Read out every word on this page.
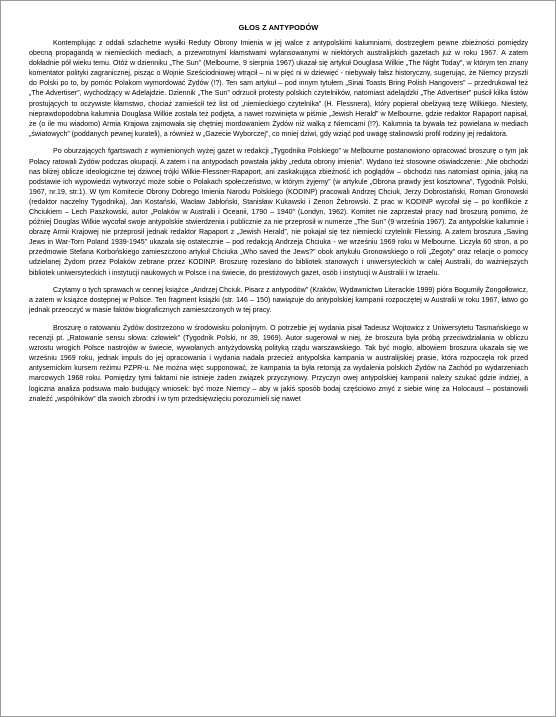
GŁOS Z ANTYPODÓW

Kontemplując z oddali szlachetne wysiłki Reduty Obrony Imienia w jej walce z antypolskimi kalumniami, dostrzegłem pewne zbieżności pomiędzy obecną propagandą w niemieckich mediach, a przewrotnymi kłamstwami wylansowanymi w niektórych australijskich gazetach już w roku 1967. A zatem dokładnie pół wieku temu. Otóż w dzienniku „The Sun” (Melbourne, 9 sierpnia 1967) ukazał się artykuł Douglasa Wilkie „The Night Today”, w którym ten znany komentator polityki zagranicznej, pisząc o Wojnie Sześciodniowej wtrącił – ni w pięć ni w dziewięć - niebywały fałsz historyczny, sugerując, że Niemcy przyszli do Polski po to, by pomóc Polakom wymordować Żydów (!?). Ten sam artykuł – pod innym tytułem „Sinai Toasts Bring Polish Hangovers” – przedrukował też „The Advertiser”, wychodzący w Adelajdzie. Dziennik „The Sun” odrzucił protesty polskich czytelników, natomiast adelajdzki „The Advertiser” puścił kilka listów prostujących to oczywiste kłamstwo, chociaż zamieścił też list od „niemieckiego czytelnika” (H. Flessnera), który popierał obelżywą tezę Wilkiego. Niestety, nieprawdopodobna kalumnia Douglasa Wilkie została też podjęta, a nawet rozwinięta w piśmie „Jewish Herald” w Melbourne, gdzie redaktor Rapaport napisał, że (o ile mu wiadomo) Armia Krajowa zajmowała się chętniej mordowaniem Żydów niż walką z Niemcami (!?). Kalumnia ta bywała też powielana w mediach „światowych” (poddanych pewnej kurateli), a również w „Gazecie Wyborczej”, co mniej dziwi, gdy wziąć pod uwagę stalinowski profil rodziny jej redaktora.

Po oburzających fgartswach z wymienionych wyżej gazet w redakcji „Tygodnika Polskiego” w Melbourne postanowiono opracować broszurę o tym jak Polacy ratowali Żydów podczas okupacji. A zatem i na antypodach powstała jakby „reduta obrony imienia”. Wydano też stosowne oświadczenie: „Nie obchodzi nas bliżej oblicze ideologiczne tej dziwnej trójki Wilkie-Flessner-Rapaport, ani zaskakująca zbieżność ich poglądów – obchodzi nas natomiast opinia, jaką na podstawie ich wypowiedzi wytworzyć może sobie o Polakach społeczeństwo, w którym żyjemy” (w artykule „Obrona prawdy jest kosztowna”, Tygodnik Polski, 1967, nr.19, str.1). W tym Komitecie Obrony Dobrego Imienia Narodu Polskiego (KODINP) pracowali Andrzej Chciuk, Jerzy Dobrostański, Roman Gronowski (redaktor naczelny Tygodnika), Jan Kostański, Wacław Jabłoński, Stanisław Kukawski i Zenon Żebrowski. Z prac w KODINP wycofał się – po konflikcie z Chciukiem – Lech Paszkowski, autor „Polaków w Australii i Oceanii, 1790 – 1940” (Londyn, 1962). Komitet nie zaprzestał pracy nad broszurą pomimo, że później Douglas Wilkie wycofał swoje antypolskie stwierdzenia i publicznie za nie przeprosił w numerze „The Sun” (9 września 1967). Za antypolskie kalumnie i obrazę Armii Krajowej nie przeprosił jednak redaktor Rapaport z „Jewish Herald”, nie pokajał się też niemiecki czytelnik Flessing. A zatem broszura „Saving Jews in War-Torn Poland 1939-1945” ukazała się ostatecznie – pod redakcją Andrzeja Chciuka - we wrześniu 1969 roku w Melbourne. Liczyła 60 stron, a po przedmowie Stefana Korbońskiego zamieszczono artykuł Chciuka „Who saved the Jews?” obok artykułu Gronowskiego o roli „Żegoty” oraz relacje o pomocy udzielanej Żydom przez Polaków zebrane przez KODINP. Broszurę rozesłano do bibliotek stanowych i uniwersyteckich w całej Australii, do ważniejszych bibliotek uniwersyteckich i instytucji naukowych w Polsce i na świecie, do prestiżowych gazet, osób i instytucji w Australii i w Izraelu.

Czytamy o tych sprawach w cennej książce „Andrzej Chciuk. Pisarz z antypodów” (Kraków, Wydawnictwo Literackie 1999) pióra Bogumiły Żongołłowicz, a zatem w książce dostępnej w Polsce. Ten fragment książki (str. 146 – 150) nawiązuje do antypolskiej kampanii rozpoczętej w Australii w roku 1967, łatwo go jednak przeoczyć w masie faktów biograficznych zamieszczonych w tej pracy.

Broszurę o ratowaniu Żydów dostrzeżono w środowisku polonijnym. O potrzebie jej wydania pisał Tadeusz Wojtowicz z Uniwersytetu Tasmańskiego w recenzji pt. „Ratowanie sensu słowa: człowiek” (Tygodnik Polski, nr 39, 1969). Autor sugerował w niej, że broszura była próbą przeciwdziałania w obliczu wzrostu wrogich Polsce nastrojów w świecie, wywołanych antyżydowską polityką rządu warszawskiego. Tak być mogło, albowiem broszura ukazała się we wrześniu 1969 roku, jednak impuls do jej opracowania i wydania nadała przecież antypolska kampania w australijskiej prasie, która rozpoczęła rok przed antysemickim kursem reżimu PZPR-u. Nie można więc supponować, że kampania ta była retorsją za wydalenia polskich Żydów na Zachód po wydarzeniach marcowych 1968 roku. Pomiędzy tymi faktami nie istnieje żaden związek przyczynowy. Przyczyn owej antypolskiej kampanii należy szukać gdzie indziej, a logiczna analiza podsuwa mało budujący wniosek: być może Niemcy – aby w jakiś sposób bodaj częściowo zmyć z siebie winę za Holocaust – postanowili znaleźć „wspólników” dla swoich zbrodni i w tym przedsięwzięciu porozumieli się nawet
